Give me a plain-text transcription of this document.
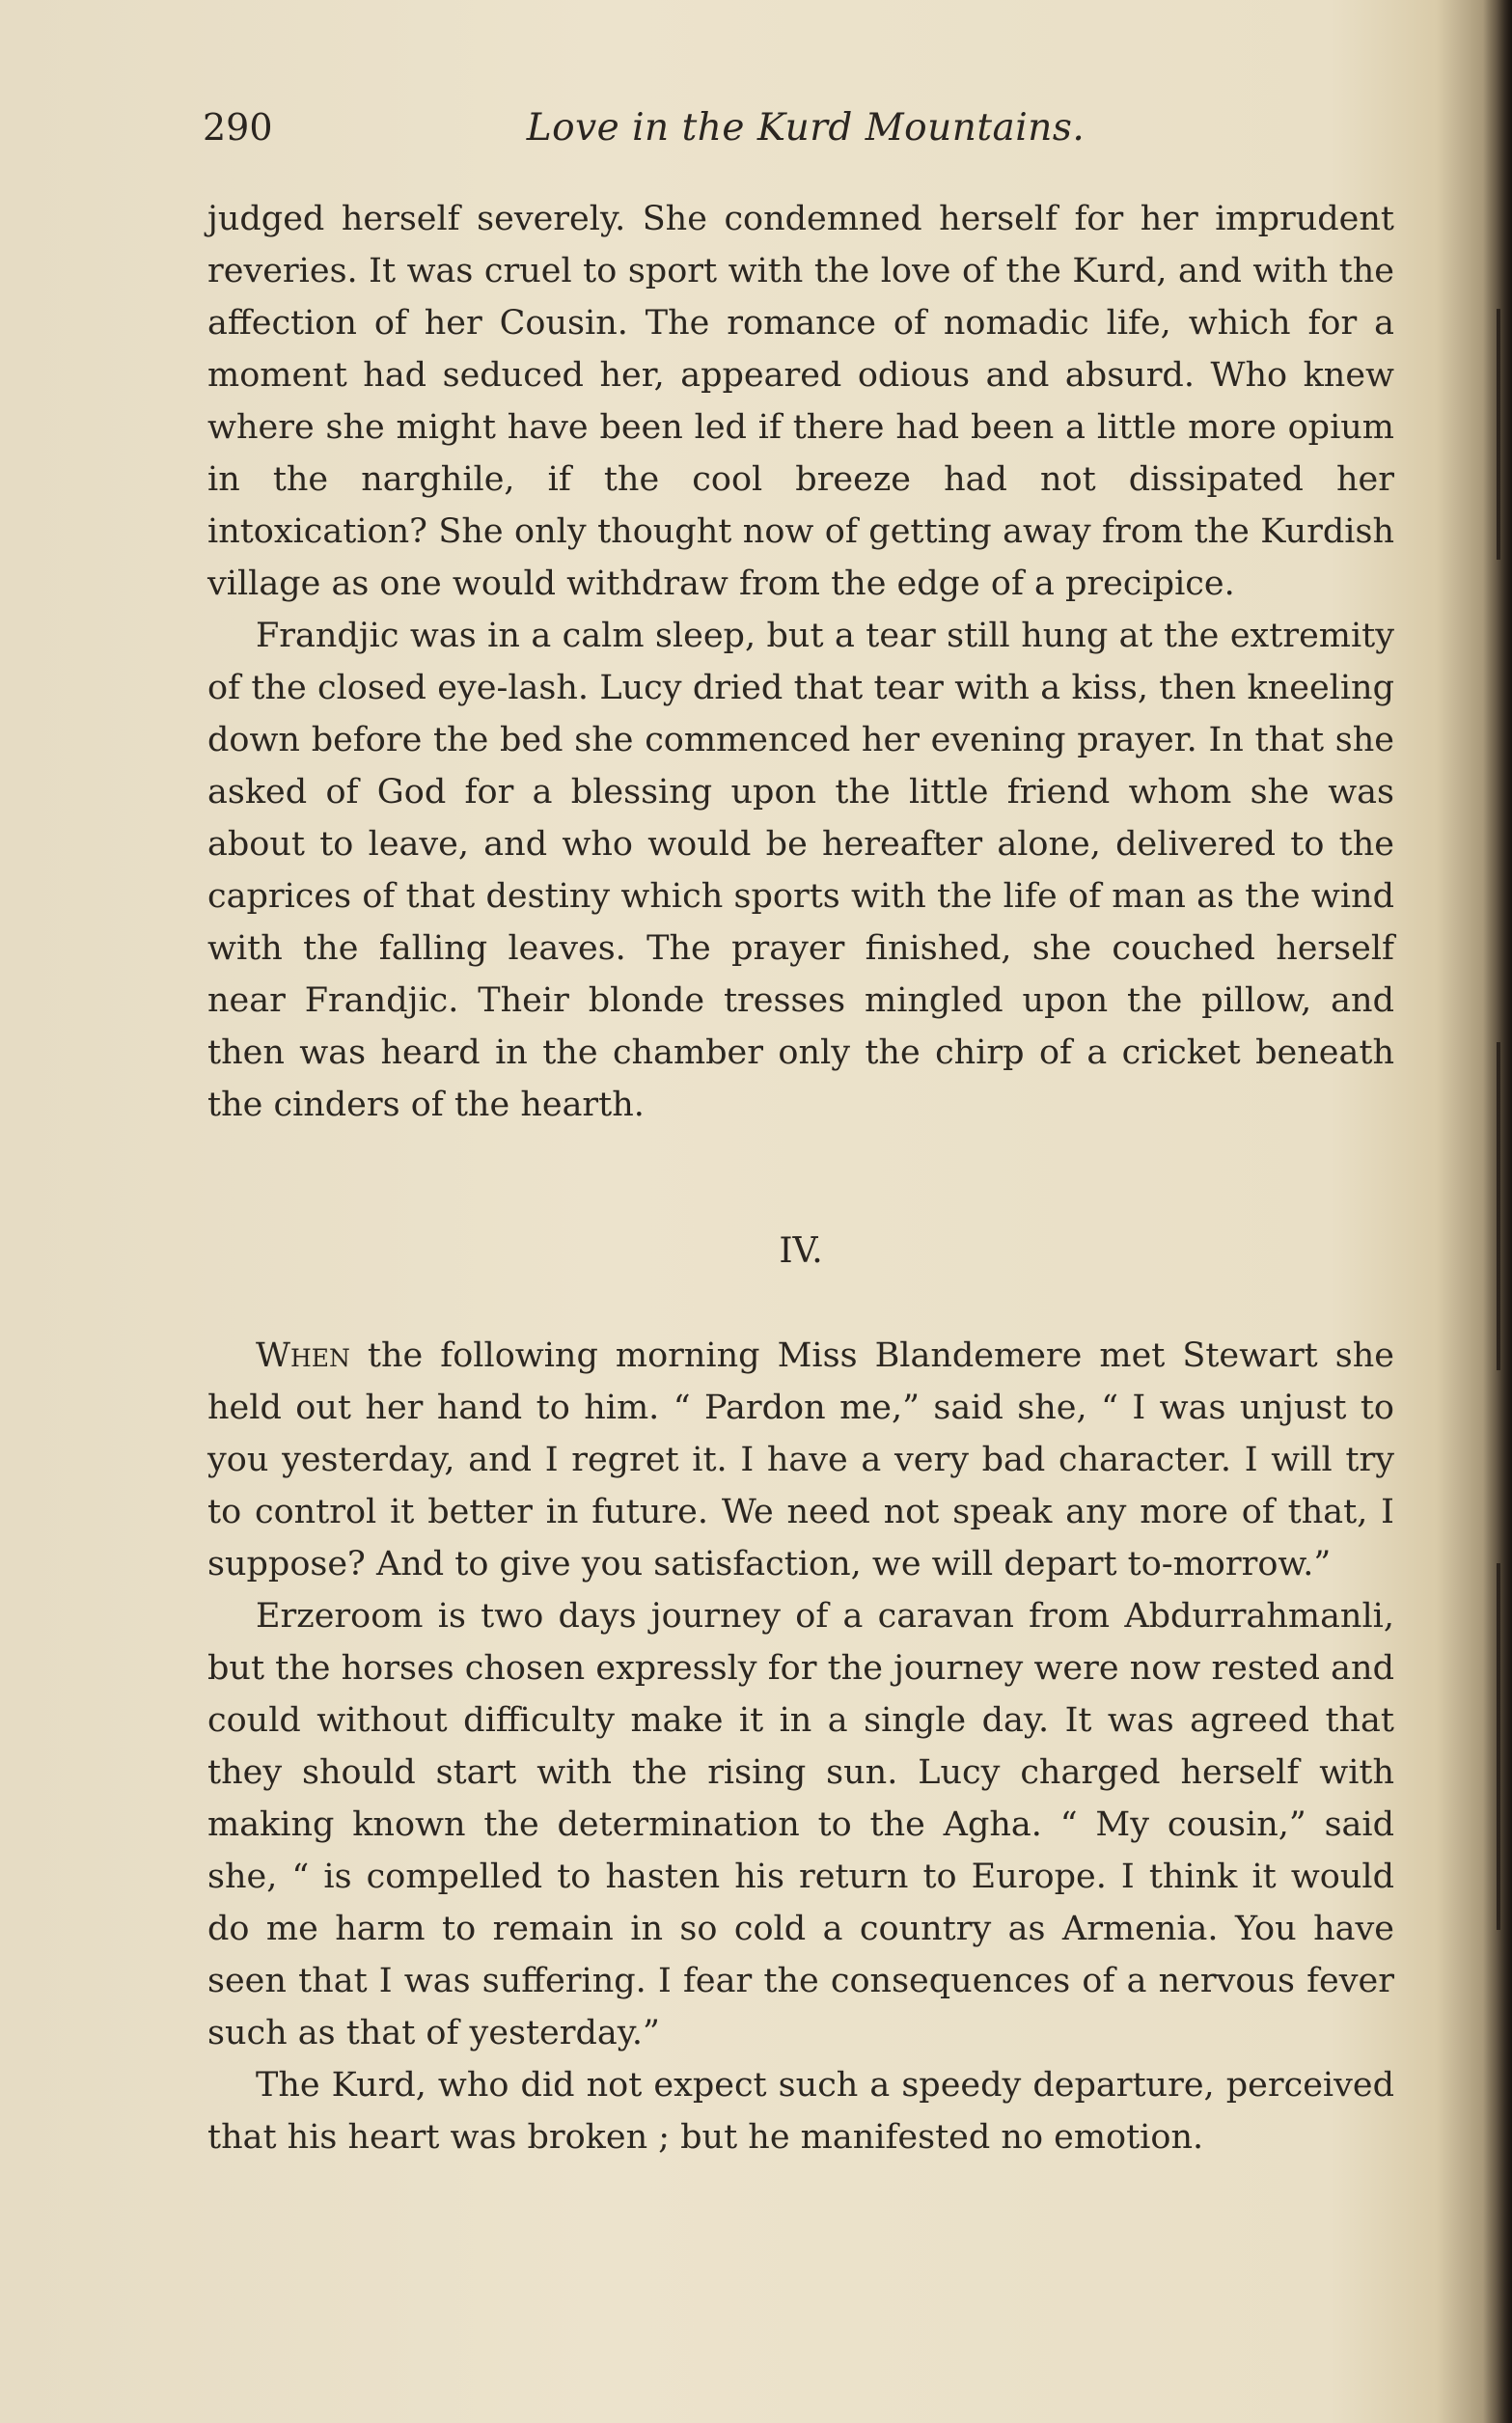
290	Love in the Kurd Mountains.

judged herself severely. She condemned herself for her imprudent reveries. It was cruel to sport with the love of the Kurd, and with the affection of her Cousin. The romance of nomadic life, which for a moment had seduced her, appeared odious and absurd. Who knew where she might have been led if there had been a little more opium in the narghile, if the cool breeze had not dissipated her intoxication? She only thought now of getting away from the Kurdish village as one would withdraw from the edge of a precipice.

Frandjic was in a calm sleep, but a tear still hung at the extremity of the closed eye-lash. Lucy dried that tear with a kiss, then kneeling down before the bed she commenced her evening prayer. In that she asked of God for a blessing upon the little friend whom she was about to leave, and who would be hereafter alone, delivered to the caprices of that destiny which sports with the life of man as the wind with the falling leaves. The prayer finished, she couched herself near Frandjic. Their blonde tresses mingled upon the pillow, and then was heard in the chamber only the chirp of a cricket beneath the cinders of the hearth.

IV.

When the following morning Miss Blandemere met Stewart she held out her hand to him. “ Pardon me,” said she, “ I was unjust to you yesterday, and I regret it. I have a very bad character. I will try to control it better in future. We need not speak any more of that, I suppose? And to give you satisfaction, we will depart to-morrow.”

Erzeroom is two days journey of a caravan from Abdurrahmanli, but the horses chosen expressly for the journey were now rested and could without difficulty make it in a single day. It was agreed that they should start with the rising sun. Lucy charged herself with making known the determination to the Agha. “ My cousin,” said she, “ is compelled to hasten his return to Europe. I think it would do me harm to remain in so cold a country as Armenia. You have seen that I was suffering. I fear the consequences of a nervous fever such as that of yesterday.”

The Kurd, who did not expect such a speedy departure, perceived that his heart was broken ; but he manifested no emotion.
